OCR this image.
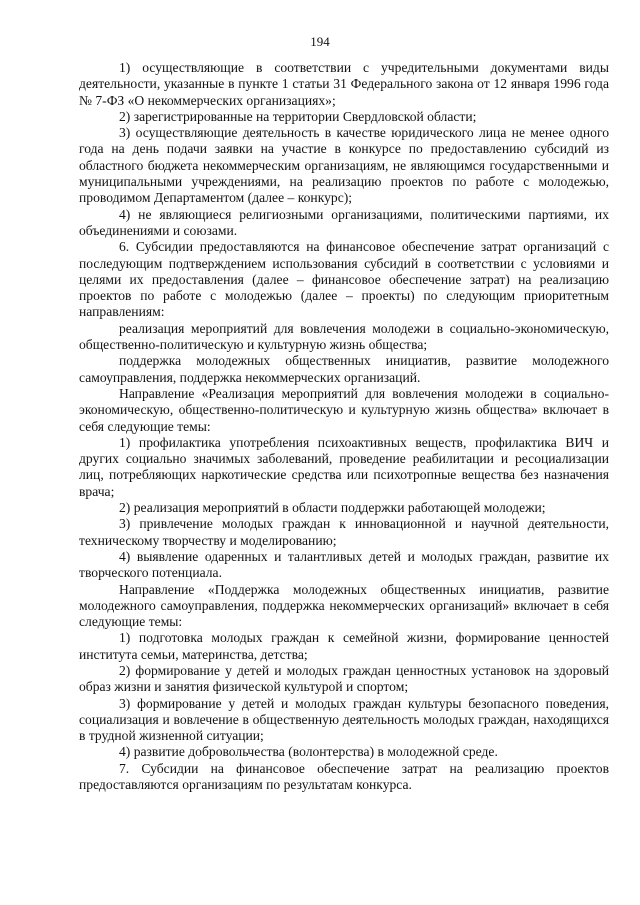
194

1) осуществляющие в соответствии с учредительными документами виды деятельности, указанные в пункте 1 статьи 31 Федерального закона от 12 января 1996 года № 7-ФЗ «О некоммерческих организациях»;

2) зарегистрированные на территории Свердловской области;

3) осуществляющие деятельность в качестве юридического лица не менее одного года на день подачи заявки на участие в конкурсе по предоставлению субсидий из областного бюджета некоммерческим организациям, не являющимся государственными и муниципальными учреждениями, на реализацию проектов по работе с молодежью, проводимом Департаментом (далее – конкурс);

4) не являющиеся религиозными организациями, политическими партиями, их объединениями и союзами.

6. Субсидии предоставляются на финансовое обеспечение затрат организаций с последующим подтверждением использования субсидий в соответствии с условиями и целями их предоставления (далее – финансовое обеспечение затрат) на реализацию проектов по работе с молодежью (далее – проекты) по следующим приоритетным направлениям:

реализация мероприятий для вовлечения молодежи в социально-экономическую, общественно-политическую и культурную жизнь общества;

поддержка молодежных общественных инициатив, развитие молодежного самоуправления, поддержка некоммерческих организаций.

Направление «Реализация мероприятий для вовлечения молодежи в социально-экономическую, общественно-политическую и культурную жизнь общества» включает в себя следующие темы:

1) профилактика употребления психоактивных веществ, профилактика ВИЧ и других социально значимых заболеваний, проведение реабилитации и ресоциализации лиц, потребляющих наркотические средства или психотропные вещества без назначения врача;

2) реализация мероприятий в области поддержки работающей молодежи;

3) привлечение молодых граждан к инновационной и научной деятельности, техническому творчеству и моделированию;

4) выявление одаренных и талантливых детей и молодых граждан, развитие их творческого потенциала.

Направление «Поддержка молодежных общественных инициатив, развитие молодежного самоуправления, поддержка некоммерческих организаций» включает в себя следующие темы:

1) подготовка молодых граждан к семейной жизни, формирование ценностей института семьи, материнства, детства;

2) формирование у детей и молодых граждан ценностных установок на здоровый образ жизни и занятия физической культурой и спортом;

3) формирование у детей и молодых граждан культуры безопасного поведения, социализация и вовлечение в общественную деятельность молодых граждан, находящихся в трудной жизненной ситуации;

4) развитие добровольчества (волонтерства) в молодежной среде.

7. Субсидии на финансовое обеспечение затрат на реализацию проектов предоставляются организациям по результатам конкурса.
